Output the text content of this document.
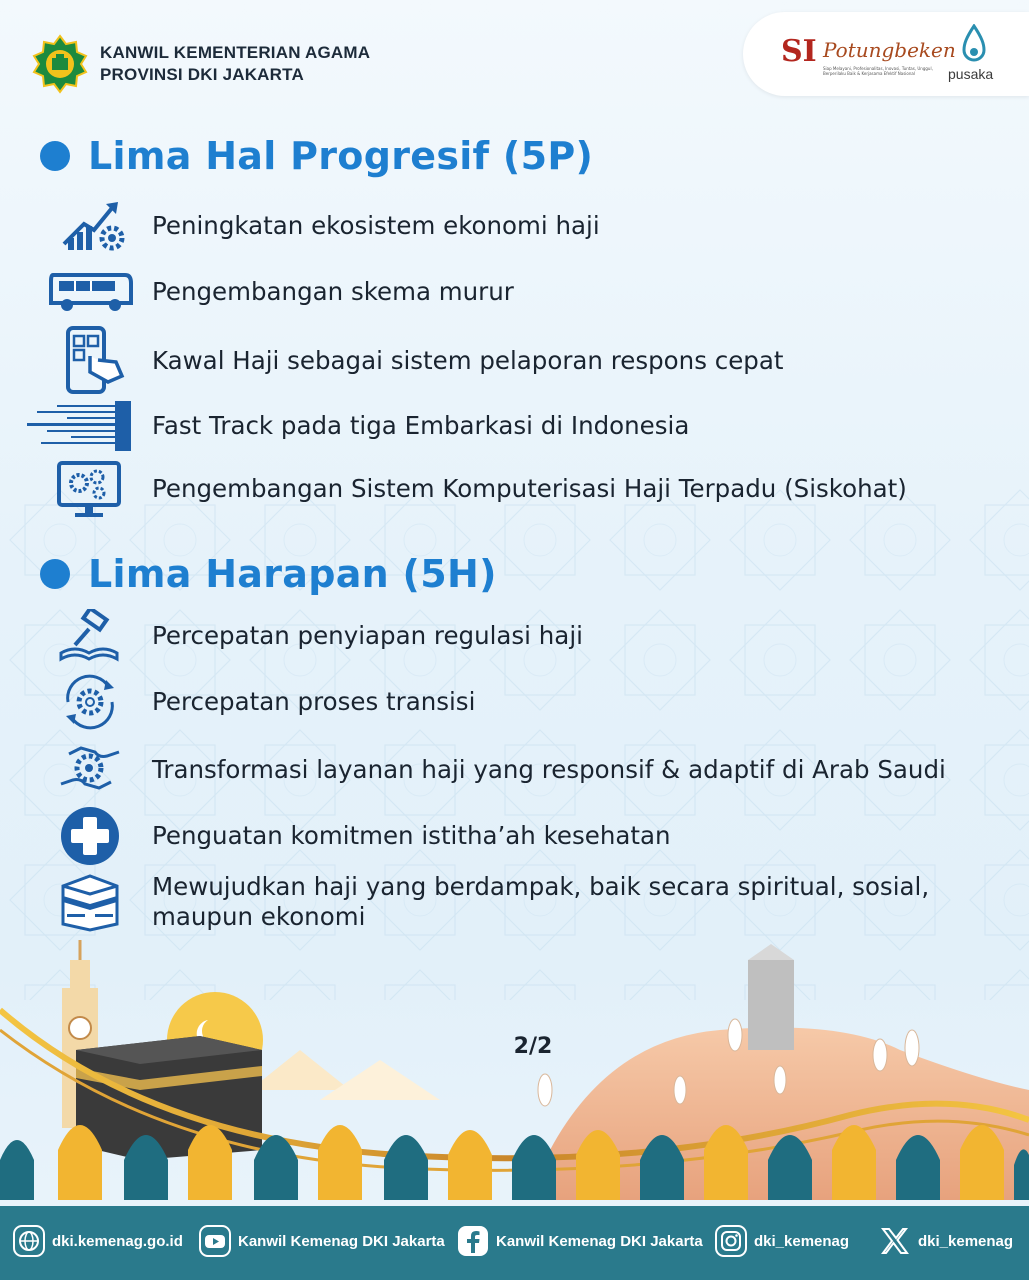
KANWIL KEMENTERIAN AGAMA
PROVINSI DKI JAKARTA
SI Potungbeken
Siap Melayani, Profesionalitas, Inovasi, Tuntas, Unggul, Berperilaku Baik & Kerjasama Efektif Nasional	pusaka
Lima Hal Progresif (5P)
Peningkatan ekosistem ekonomi haji
Pengembangan skema murur
Kawal Haji sebagai sistem pelaporan respons cepat
Fast Track pada tiga Embarkasi di Indonesia
Pengembangan Sistem Komputerisasi Haji Terpadu (Siskohat)
Lima Harapan (5H)
Percepatan penyiapan regulasi haji
Percepatan proses transisi
Transformasi layanan haji yang responsif & adaptif di Arab Saudi
Penguatan komitmen istitha’ah kesehatan
Mewujudkan haji yang berdampak, baik secara spiritual, sosial,
maupun ekonomi
2/2
dki.kemenag.go.id	Kanwil Kemenag DKI Jakarta	Kanwil Kemenag DKI Jakarta	dki_kemenag	dki_kemenag
